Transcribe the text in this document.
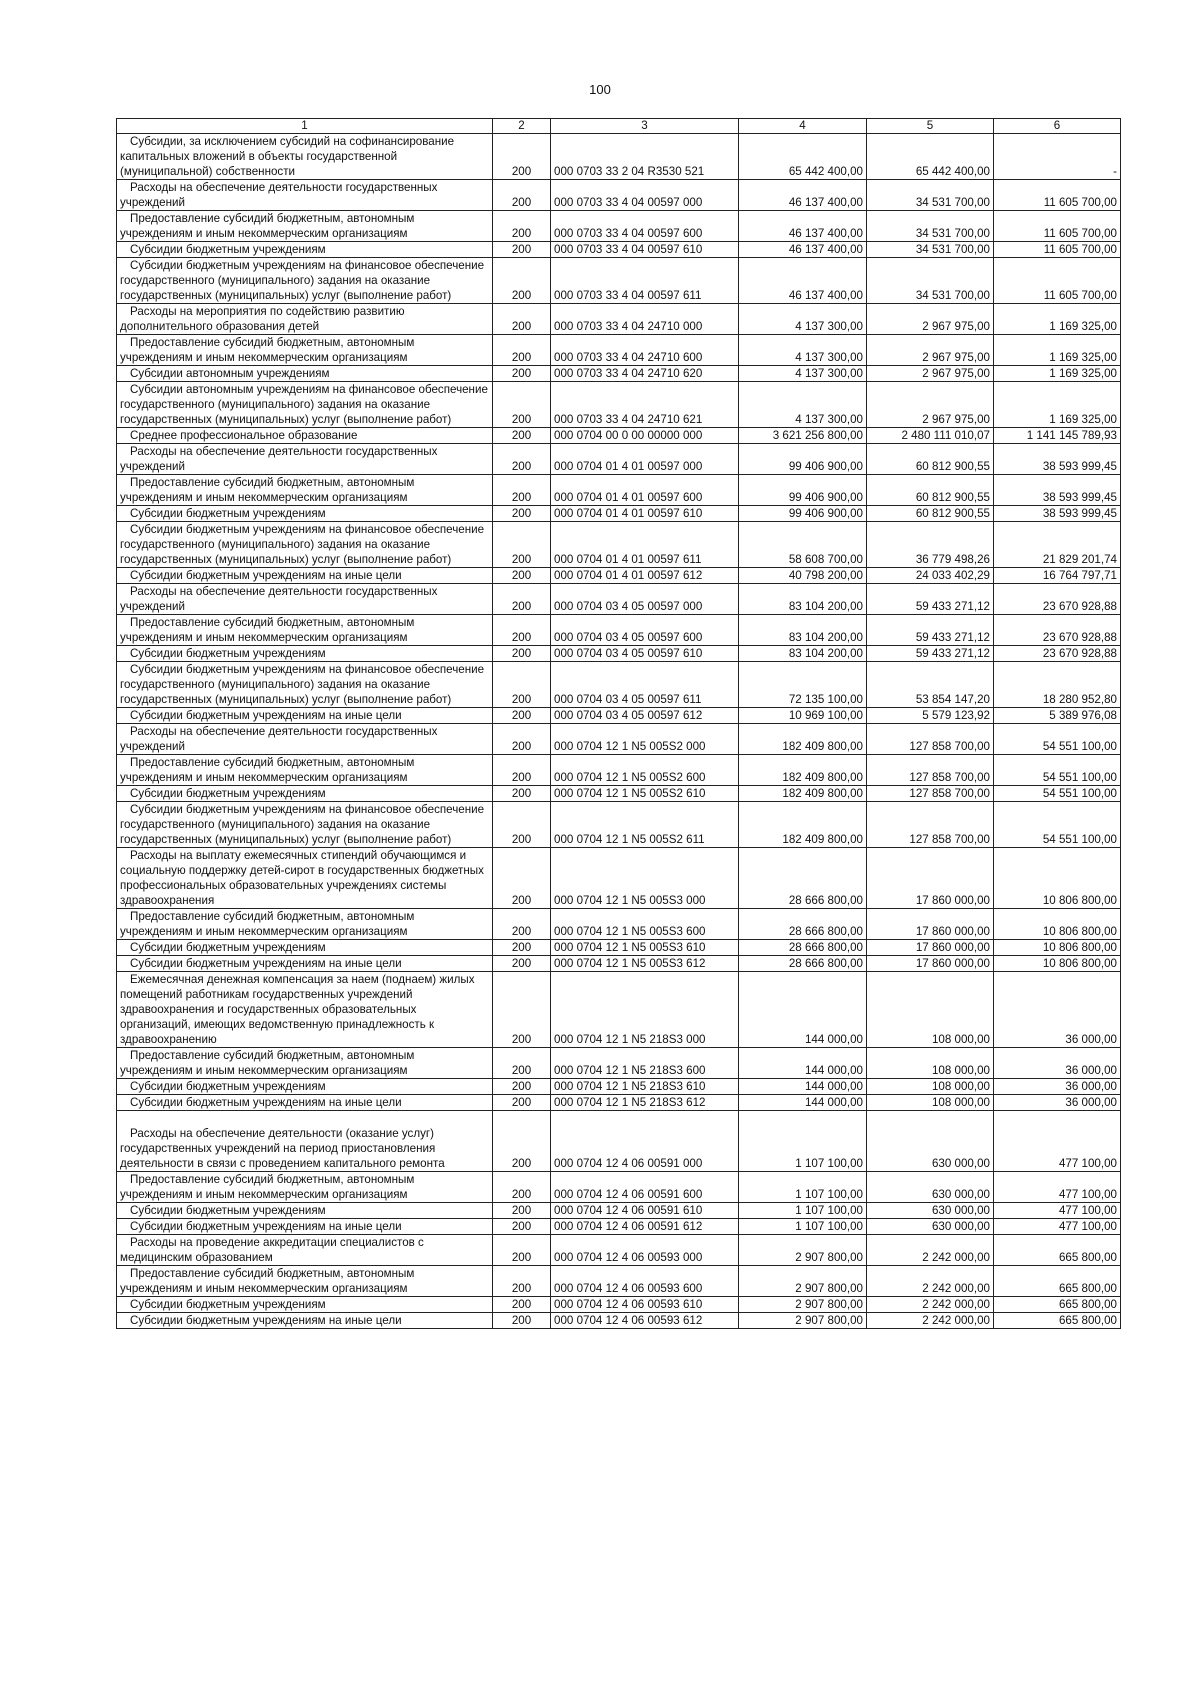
100
1	2	3	4	5	6
Субсидии, за исключением субсидий на софинансирование капитальных вложений в объекты государственной (муниципальной) собственности	200	000 0703 33 2 04 R3530 521	65 442 400,00	65 442 400,00	-
Расходы на обеспечение деятельности государственных учреждений	200	000 0703 33 4 04 00597 000	46 137 400,00	34 531 700,00	11 605 700,00
Предоставление субсидий бюджетным, автономным учреждениям и иным некоммерческим организациям	200	000 0703 33 4 04 00597 600	46 137 400,00	34 531 700,00	11 605 700,00
Субсидии бюджетным учреждениям	200	000 0703 33 4 04 00597 610	46 137 400,00	34 531 700,00	11 605 700,00
Субсидии бюджетным учреждениям на финансовое обеспечение государственного (муниципального) задания на оказание государственных (муниципальных) услуг (выполнение работ)	200	000 0703 33 4 04 00597 611	46 137 400,00	34 531 700,00	11 605 700,00
Расходы на мероприятия по содействию развитию дополнительного образования детей	200	000 0703 33 4 04 24710 000	4 137 300,00	2 967 975,00	1 169 325,00
Предоставление субсидий бюджетным, автономным учреждениям и иным некоммерческим организациям	200	000 0703 33 4 04 24710 600	4 137 300,00	2 967 975,00	1 169 325,00
Субсидии автономным учреждениям	200	000 0703 33 4 04 24710 620	4 137 300,00	2 967 975,00	1 169 325,00
Субсидии автономным учреждениям на финансовое обеспечение государственного (муниципального) задания на оказание государственных (муниципальных) услуг (выполнение работ)	200	000 0703 33 4 04 24710 621	4 137 300,00	2 967 975,00	1 169 325,00
Среднее профессиональное образование	200	000 0704 00 0 00 00000 000	3 621 256 800,00	2 480 111 010,07	1 141 145 789,93
Расходы на обеспечение деятельности государственных учреждений	200	000 0704 01 4 01 00597 000	99 406 900,00	60 812 900,55	38 593 999,45
Предоставление субсидий бюджетным, автономным учреждениям и иным некоммерческим организациям	200	000 0704 01 4 01 00597 600	99 406 900,00	60 812 900,55	38 593 999,45
Субсидии бюджетным учреждениям	200	000 0704 01 4 01 00597 610	99 406 900,00	60 812 900,55	38 593 999,45
Субсидии бюджетным учреждениям на финансовое обеспечение государственного (муниципального) задания на оказание государственных (муниципальных) услуг (выполнение работ)	200	000 0704 01 4 01 00597 611	58 608 700,00	36 779 498,26	21 829 201,74
Субсидии бюджетным учреждениям на иные цели	200	000 0704 01 4 01 00597 612	40 798 200,00	24 033 402,29	16 764 797,71
Расходы на обеспечение деятельности государственных учреждений	200	000 0704 03 4 05 00597 000	83 104 200,00	59 433 271,12	23 670 928,88
Предоставление субсидий бюджетным, автономным учреждениям и иным некоммерческим организациям	200	000 0704 03 4 05 00597 600	83 104 200,00	59 433 271,12	23 670 928,88
Субсидии бюджетным учреждениям	200	000 0704 03 4 05 00597 610	83 104 200,00	59 433 271,12	23 670 928,88
Субсидии бюджетным учреждениям на финансовое обеспечение государственного (муниципального) задания на оказание государственных (муниципальных) услуг (выполнение работ)	200	000 0704 03 4 05 00597 611	72 135 100,00	53 854 147,20	18 280 952,80
Субсидии бюджетным учреждениям на иные цели	200	000 0704 03 4 05 00597 612	10 969 100,00	5 579 123,92	5 389 976,08
Расходы на обеспечение деятельности государственных учреждений	200	000 0704 12 1 N5 005S2 000	182 409 800,00	127 858 700,00	54 551 100,00
Предоставление субсидий бюджетным, автономным учреждениям и иным некоммерческим организациям	200	000 0704 12 1 N5 005S2 600	182 409 800,00	127 858 700,00	54 551 100,00
Субсидии бюджетным учреждениям	200	000 0704 12 1 N5 005S2 610	182 409 800,00	127 858 700,00	54 551 100,00
Субсидии бюджетным учреждениям на финансовое обеспечение государственного (муниципального) задания на оказание государственных (муниципальных) услуг (выполнение работ)	200	000 0704 12 1 N5 005S2 611	182 409 800,00	127 858 700,00	54 551 100,00
Расходы на выплату ежемесячных стипендий обучающимся и социальную поддержку детей-сирот в государственных бюджетных профессиональных образовательных учреждениях системы здравоохранения	200	000 0704 12 1 N5 005S3 000	28 666 800,00	17 860 000,00	10 806 800,00
Предоставление субсидий бюджетным, автономным учреждениям и иным некоммерческим организациям	200	000 0704 12 1 N5 005S3 600	28 666 800,00	17 860 000,00	10 806 800,00
Субсидии бюджетным учреждениям	200	000 0704 12 1 N5 005S3 610	28 666 800,00	17 860 000,00	10 806 800,00
Субсидии бюджетным учреждениям на иные цели	200	000 0704 12 1 N5 005S3 612	28 666 800,00	17 860 000,00	10 806 800,00
Ежемесячная денежная компенсация за наем (поднаем) жилых помещений работникам государственных учреждений здравоохранения и государственных образовательных организаций, имеющих ведомственную принадлежность к здравоохранению	200	000 0704 12 1 N5 218S3 000	144 000,00	108 000,00	36 000,00
Предоставление субсидий бюджетным, автономным учреждениям и иным некоммерческим организациям	200	000 0704 12 1 N5 218S3 600	144 000,00	108 000,00	36 000,00
Субсидии бюджетным учреждениям	200	000 0704 12 1 N5 218S3 610	144 000,00	108 000,00	36 000,00
Субсидии бюджетным учреждениям на иные цели	200	000 0704 12 1 N5 218S3 612	144 000,00	108 000,00	36 000,00
Расходы на обеспечение деятельности (оказание услуг) государственных учреждений на период приостановления деятельности в связи с проведением капитального ремонта	200	000 0704 12 4 06 00591 000	1 107 100,00	630 000,00	477 100,00
Предоставление субсидий бюджетным, автономным учреждениям и иным некоммерческим организациям	200	000 0704 12 4 06 00591 600	1 107 100,00	630 000,00	477 100,00
Субсидии бюджетным учреждениям	200	000 0704 12 4 06 00591 610	1 107 100,00	630 000,00	477 100,00
Субсидии бюджетным учреждениям на иные цели	200	000 0704 12 4 06 00591 612	1 107 100,00	630 000,00	477 100,00
Расходы на проведение аккредитации специалистов с медицинским образованием	200	000 0704 12 4 06 00593 000	2 907 800,00	2 242 000,00	665 800,00
Предоставление субсидий бюджетным, автономным учреждениям и иным некоммерческим организациям	200	000 0704 12 4 06 00593 600	2 907 800,00	2 242 000,00	665 800,00
Субсидии бюджетным учреждениям	200	000 0704 12 4 06 00593 610	2 907 800,00	2 242 000,00	665 800,00
Субсидии бюджетным учреждениям на иные цели	200	000 0704 12 4 06 00593 612	2 907 800,00	2 242 000,00	665 800,00
